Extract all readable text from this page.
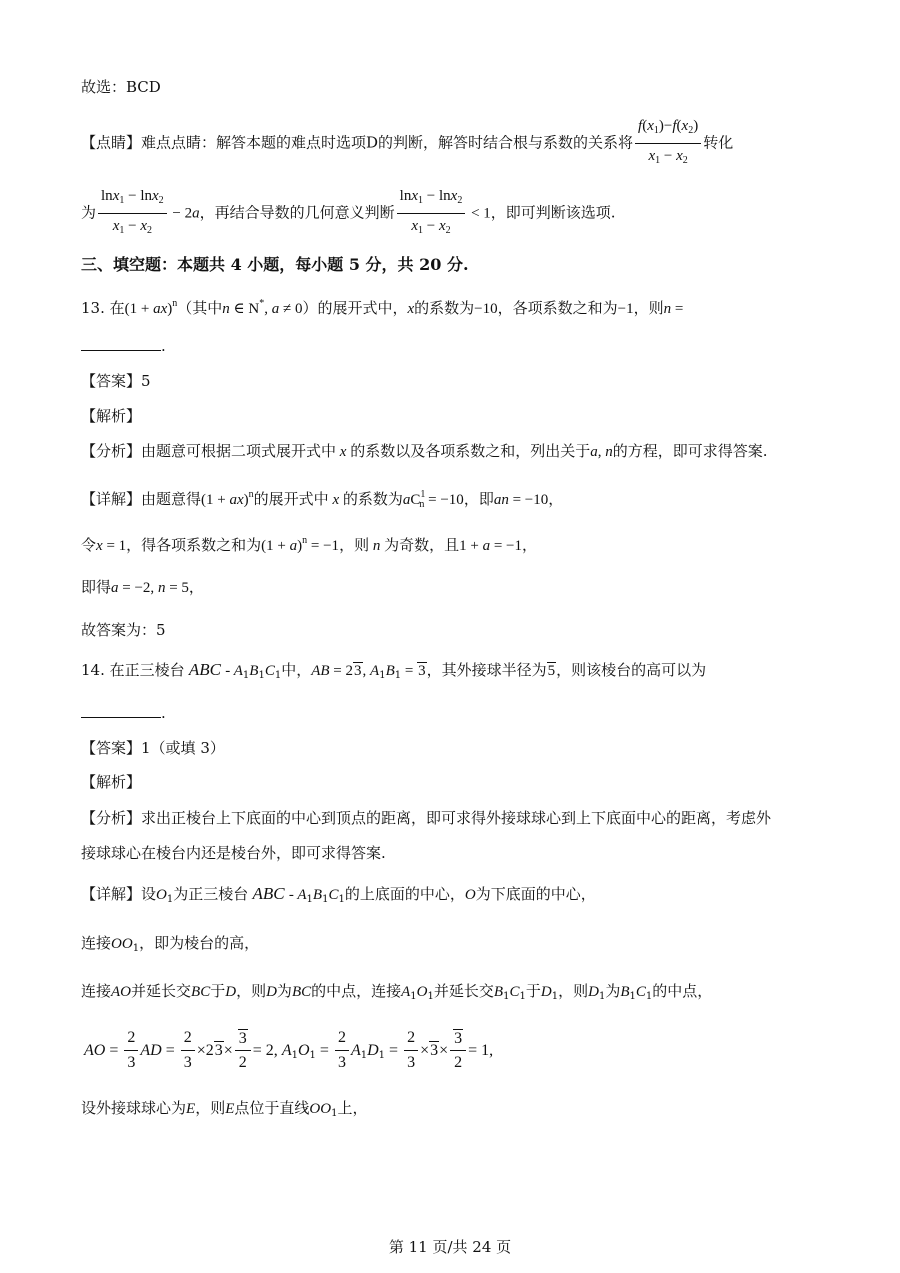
故选：BCD
【点睛】难点点睛：解答本题的难点时选项D的判断，解答时结合根与系数的关系将 $\frac{f(x_1)-f(x_2)}{x_1 - x_2}$ 转化
为 $\frac{\ln x_1 - \ln x_2}{x_1 - x_2} - 2a$，再结合导数的几何意义判断 $\frac{\ln x_1 - \ln x_2}{x_1 - x_2} < 1$，即可判断该选项.
三、填空题：本题共 4 小题，每小题 5 分，共 20 分.
13. 在(1 + ax)$^n$（其中n ∈ N*, a ≠ 0）的展开式中，x的系数为−10，各项系数之和为−1，则n =
.
【答案】5
【解析】
【分析】由题意可根据二项式展开式中 x 的系数以及各项系数之和，列出关于a, n的方程，即可求得答案.
【详解】由题意得(1 + ax)$^n$的展开式中 x 的系数为$aC^1_n = -10$，即an = −10，
令x = 1，得各项系数之和为$(1 + a)^n = -1$，则 n 为奇数，且1 + a = −1，
即得a = −2, n = 5，
故答案为：5
14. 在正三棱台 ABC - $A_1B_1C_1$中，AB = 23, $A_1B_1 = 3$，其外接球半径为5，则该棱台的高可以为
.
【答案】1（或填 3）
【解析】
【分析】求出正棱台上下底面的中心到顶点的距离，即可求得外接球球心到上下底面中心的距离，考虑外
接球球心在棱台内还是棱台外，即可求得答案.
【详解】设$O_1$为正三棱台 ABC - $A_1B_1C_1$的上底面的中心，O为下底面的中心，
连接$OO_1$，即为棱台的高，
连接AO并延长交BC于D，则D为BC的中点，连接$A_1O_1$并延长交$B_1C_1$于$D_1$，则$D_1$为$B_1C_1$的中点，
AO = $\frac{2}{3}$ AD = $\frac{2}{3} \times 23\times \frac{3}{2} = 2$, $A_1O_1 = \frac{2}{3} A_1D_1 = \frac{2}{3} \times 3\times \frac{3}{2} = 1$,
设外接球球心为E，则E点位于直线$OO_1$上，
第 11 页/共 24 页
